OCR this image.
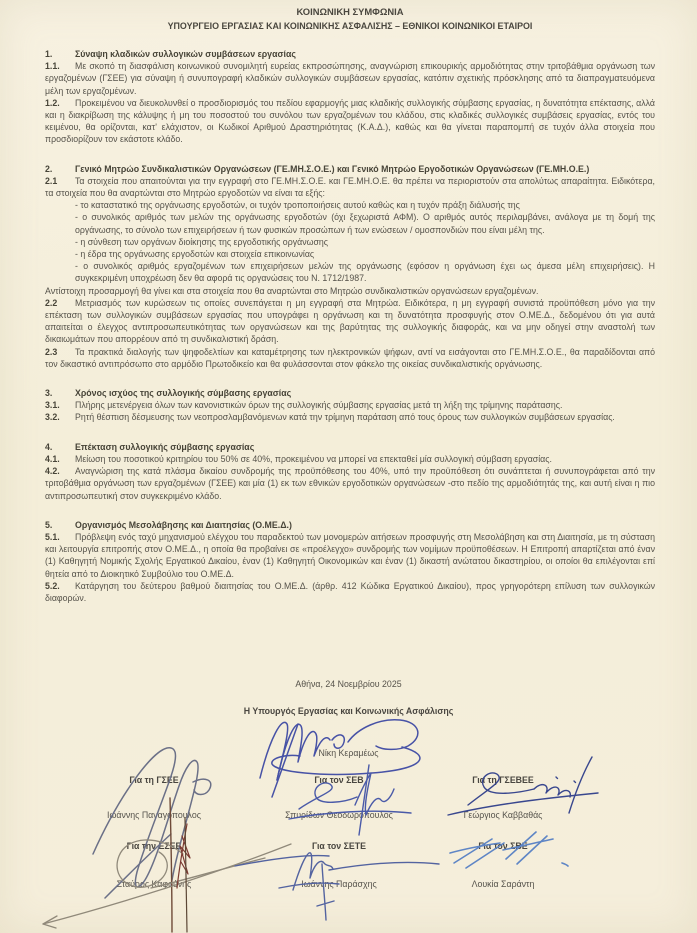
ΚΟΙΝΩΝΙΚΗ ΣΥΜΦΩΝΙΑ

ΥΠΟΥΡΓΕΙΟ ΕΡΓΑΣΙΑΣ ΚΑΙ ΚΟΙΝΩΝΙΚΗΣ ΑΣΦΑΛΙΣΗΣ – ΕΘΝΙΚΟΙ ΚΟΙΝΩΝΙΚΟΙ ΕΤΑΙΡΟΙ

1.	Σύναψη κλαδικών συλλογικών συμβάσεων εργασίας

1.1. Με σκοπό τη διασφάλιση κοινωνικού συνομιλητή ευρείας εκπροσώπησης, αναγνώριση επικουρικής αρμοδιότητας στην τριτοβάθμια οργάνωση των εργαζομένων (ΓΣΕΕ) για σύναψη ή συνυπογραφή κλαδικών συλλογικών συμβάσεων εργασίας, κατόπιν σχετικής πρόσκλησης από τα διαπραγματευόμενα μέλη των εργαζομένων.

1.2. Προκειμένου να διευκολυνθεί ο προσδιορισμός του πεδίου εφαρμογής μιας κλαδικής συλλογικής σύμβασης εργασίας, η δυνατότητα επέκτασης, αλλά και η διακρίβωση της κάλυψης ή μη του ποσοστού του συνόλου των εργαζομένων του κλάδου, στις κλαδικές συλλογικές συμβάσεις εργασίας, εντός του κειμένου, θα ορίζονται, κατ' ελάχιστον, οι Κωδικοί Αριθμού Δραστηριότητας (Κ.Α.Δ.), καθώς και θα γίνεται παραπομπή σε τυχόν άλλα στοιχεία που προσδιορίζουν τον εκάστοτε κλάδο.

2.	Γενικό Μητρώο Συνδικαλιστικών Οργανώσεων (ΓΕ.ΜΗ.Σ.Ο.Ε.) και Γενικό Μητρώο Εργοδοτικών Οργανώσεων (ΓΕ.ΜΗ.Ο.Ε.)

2.1 Τα στοιχεία που απαιτούνται για την εγγραφή στο ΓΕ.ΜΗ.Σ.Ο.Ε. και ΓΕ.ΜΗ.Ο.Ε. θα πρέπει να περιοριστούν στα απολύτως απαραίτητα. Ειδικότερα, τα στοιχεία που θα αναρτώνται στο Μητρώο εργοδοτών να είναι τα εξής:

- το καταστατικό της οργάνωσης εργοδοτών, οι τυχόν τροποποιήσεις αυτού καθώς και η τυχόν πράξη διάλυσής της

- ο συνολικός αριθμός των μελών της οργάνωσης εργοδοτών (όχι ξεχωριστά ΑΦΜ). Ο αριθμός αυτός περιλαμβάνει, ανάλογα με τη δομή της οργάνωσης, το σύνολο των επιχειρήσεων ή των φυσικών προσώπων ή των ενώσεων / ομοσπονδιών που είναι μέλη της.

- η σύνθεση των οργάνων διοίκησης της εργοδοτικής οργάνωσης

- η έδρα της οργάνωσης εργοδοτών και στοιχεία επικοινωνίας

- ο συνολικός αριθμός εργαζομένων των επιχειρήσεων μελών της οργάνωσης (εφόσον η οργάνωση έχει ως άμεσα μέλη επιχειρήσεις). Η συγκεκριμένη υποχρέωση δεν θα αφορά τις οργανώσεις του Ν. 1712/1987.

Αντίστοιχη προσαρμογή θα γίνει και στα στοιχεία που θα αναρτώνται στο Μητρώο συνδικαλιστικών οργανώσεων εργαζομένων.

2.2 Μετριασμός των κυρώσεων τις οποίες συνεπάγεται η μη εγγραφή στα Μητρώα. Ειδικότερα, η μη εγγραφή συνιστά προϋπόθεση μόνο για την επέκταση των συλλογικών συμβάσεων εργασίας που υπογράφει η οργάνωση και τη δυνατότητα προσφυγής στον Ο.ΜΕ.Δ., δεδομένου ότι για αυτά απαιτείται ο έλεγχος αντιπροσωπευτικότητας των οργανώσεων και της βαρύτητας της συλλογικής διαφοράς, και να μην οδηγεί στην αναστολή των δικαιωμάτων που απορρέουν από τη συνδικαλιστική δράση.

2.3 Τα πρακτικά διαλογής των ψηφοδελτίων και καταμέτρησης των ηλεκτρονικών ψήφων, αντί να εισάγονται στο ΓΕ.ΜΗ.Σ.Ο.Ε., θα παραδίδονται από τον δικαστικό αντιπρόσωπο στο αρμόδιο Πρωτοδικείο και θα φυλάσσονται στον φάκελο της οικείας συνδικαλιστικής οργάνωσης.

3.	Χρόνος ισχύος της συλλογικής σύμβασης εργασίας

3.1. Πλήρης μετενέργεια όλων των κανονιστικών όρων της συλλογικής σύμβασης εργασίας μετά τη λήξη της τρίμηνης παράτασης.

3.2. Ρητή θέσπιση δέσμευσης των νεοπροσλαμβανόμενων κατά την τρίμηνη παράταση από τους όρους των συλλογικών συμβάσεων εργασίας.

4.	Επέκταση συλλογικής σύμβασης εργασίας

4.1. Μείωση του ποσοτικού κριτηρίου του 50% σε 40%, προκειμένου να μπορεί να επεκταθεί μία συλλογική σύμβαση εργασίας.

4.2. Αναγνώριση της κατά πλάσμα δικαίου συνδρομής της προϋπόθεσης του 40%, υπό την προϋπόθεση ότι συνάπτεται ή συνυπογράφεται από την τριτοβάθμια οργάνωση των εργαζομένων (ΓΣΕΕ) και μία (1) εκ των εθνικών εργοδοτικών οργανώσεων -στο πεδίο της αρμοδιότητάς της, και αυτή είναι η πιο αντιπροσωπευτική στον συγκεκριμένο κλάδο.

5.	Οργανισμός Μεσολάβησης και Διαιτησίας (Ο.ΜΕ.Δ.)

5.1. Πρόβλεψη ενός ταχύ μηχανισμού ελέγχου του παραδεκτού των μονομερών αιτήσεων προσφυγής στη Μεσολάβηση και στη Διαιτησία, με τη σύσταση και λειτουργία επιτροπής στον Ο.ΜΕ.Δ., η οποία θα προβαίνει σε «προέλεγχο» συνδρομής των νομίμων προϋποθέσεων. Η Επιτροπή απαρτίζεται από έναν (1) Καθηγητή Νομικής Σχολής Εργατικού Δικαίου, έναν (1) Καθηγητή Οικονομικών και έναν (1) δικαστή ανώτατου δικαστηρίου, οι οποίοι θα επιλέγονται επί θητεία από το Διοικητικό Συμβούλιο του Ο.ΜΕ.Δ.

5.2. Κατάργηση του δεύτερου βαθμού διαιτησίας του Ο.ΜΕ.Δ. (άρθρ. 412 Κώδικα Εργατικού Δικαίου), προς γρηγορότερη επίλυση των συλλογικών διαφορών.

Αθήνα, 24 Νοεμβρίου 2025
Η Υπουργός Εργασίας και Κοινωνικής Ασφάλισης
Νίκη Κεραμέως
Για τη ΓΣΕΕ	Για τον ΣΕΒ	Για τη ΓΣΕΒΕΕ
Ιωάννης Παναγόπουλος	Σπυρίδων Θεοδωρόπουλος	Γεώργιος Καββαθάς
Για την ΕΣΕΕ	Για τον ΣΕΤΕ	Για τον ΣΒΕ
Σταύρος Καφούνης	Ιωάννης Παράσχης	Λουκία Σαράντη
